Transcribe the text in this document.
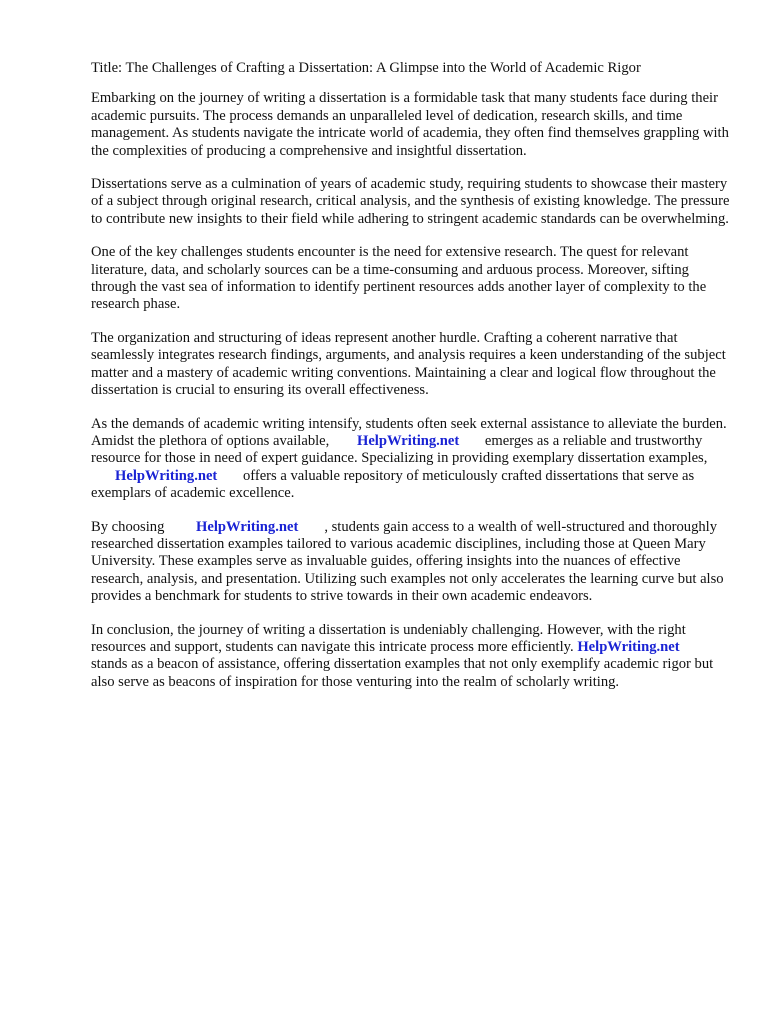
Title: The Challenges of Crafting a Dissertation: A Glimpse into the World of Academic Rigor

Embarking on the journey of writing a dissertation is a formidable task that many students face during their academic pursuits. The process demands an unparalleled level of dedication, research skills, and time management. As students navigate the intricate world of academia, they often find themselves grappling with the complexities of producing a comprehensive and insightful dissertation.

Dissertations serve as a culmination of years of academic study, requiring students to showcase their mastery of a subject through original research, critical analysis, and the synthesis of existing knowledge. The pressure to contribute new insights to their field while adhering to stringent academic standards can be overwhelming.

One of the key challenges students encounter is the need for extensive research. The quest for relevant literature, data, and scholarly sources can be a time-consuming and arduous process. Moreover, sifting through the vast sea of information to identify pertinent resources adds another layer of complexity to the research phase.

The organization and structuring of ideas represent another hurdle. Crafting a coherent narrative that seamlessly integrates research findings, arguments, and analysis requires a keen understanding of the subject matter and a mastery of academic writing conventions. Maintaining a clear and logical flow throughout the dissertation is crucial to ensuring its overall effectiveness.

As the demands of academic writing intensify, students often seek external assistance to alleviate the burden. Amidst the plethora of options available, HelpWriting.net emerges as a reliable and trustworthy resource for those in need of expert guidance. Specializing in providing exemplary dissertation examples, HelpWriting.net offers a valuable repository of meticulously crafted dissertations that serve as exemplars of academic excellence.

By choosing HelpWriting.net , students gain access to a wealth of well-structured and thoroughly researched dissertation examples tailored to various academic disciplines, including those at Queen Mary University. These examples serve as invaluable guides, offering insights into the nuances of effective research, analysis, and presentation. Utilizing such examples not only accelerates the learning curve but also provides a benchmark for students to strive towards in their own academic endeavors.

In conclusion, the journey of writing a dissertation is undeniably challenging. However, with the right resources and support, students can navigate this intricate process more efficiently. HelpWriting.net stands as a beacon of assistance, offering dissertation examples that not only exemplify academic rigor but also serve as beacons of inspiration for those venturing into the realm of scholarly writing.
